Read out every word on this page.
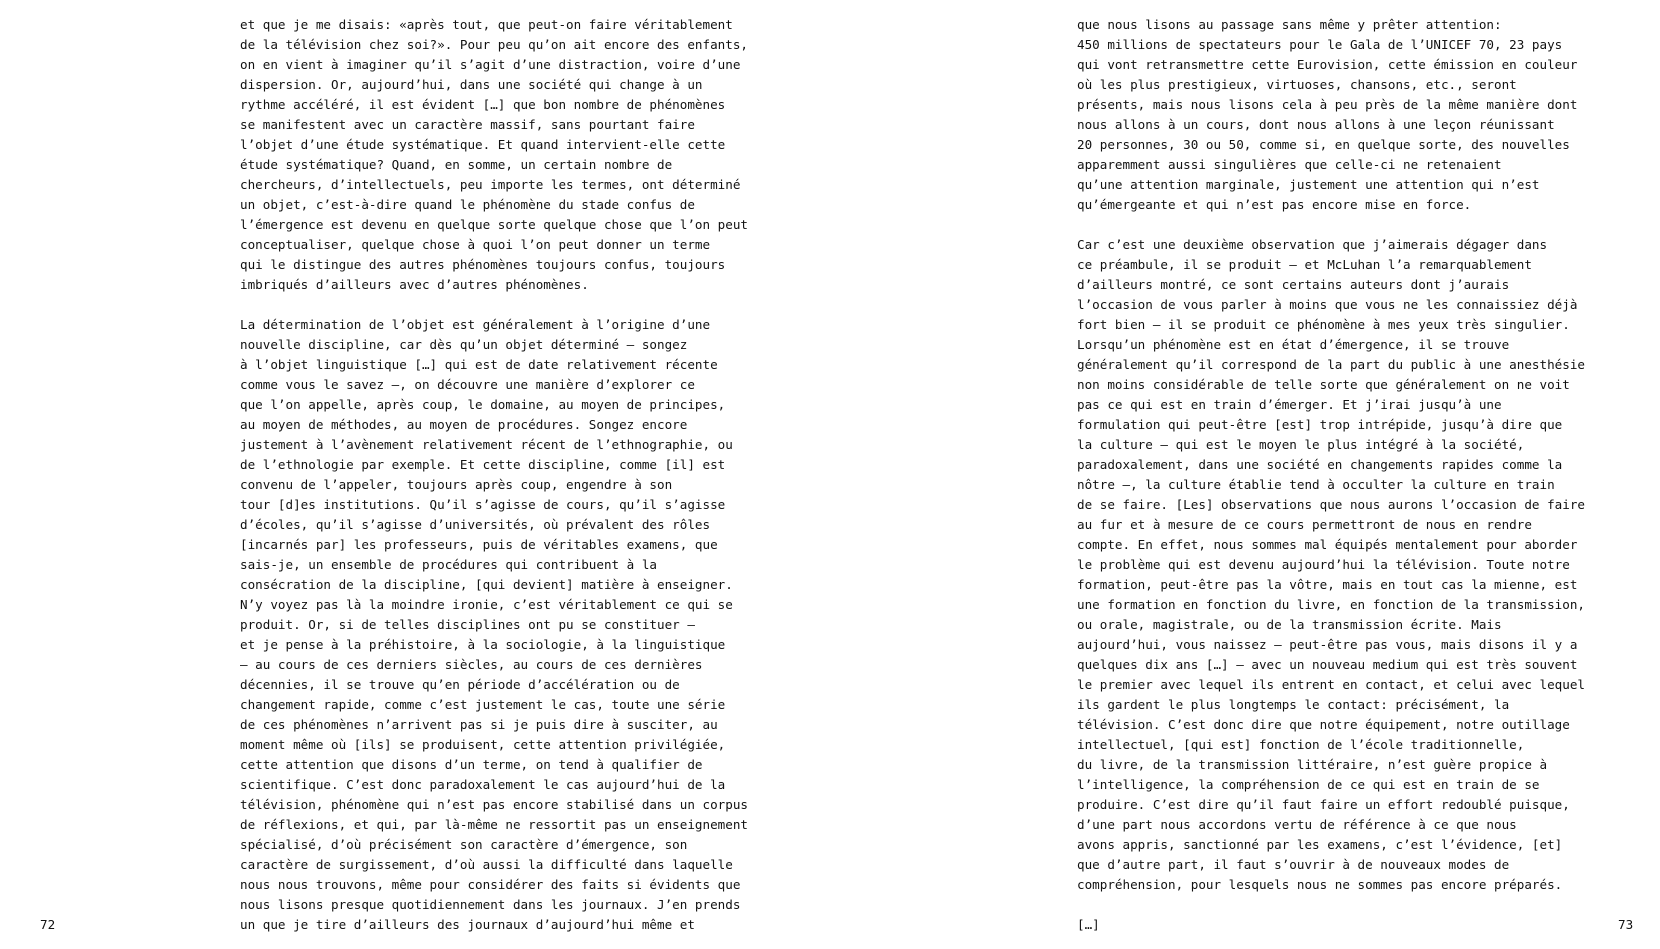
et que je me disais: «après tout, que peut-on faire véritablement
de la télévision chez soi?». Pour peu qu’on ait encore des enfants,
on en vient à imaginer qu’il s’agit d’une distraction, voire d’une
dispersion. Or, aujourd’hui, dans une société qui change à un
rythme accéléré, il est évident […] que bon nombre de phénomènes
se manifestent avec un caractère massif, sans pourtant faire
l’objet d’une étude systématique. Et quand intervient-elle cette
étude systématique? Quand, en somme, un certain nombre de
chercheurs, d’intellectuels, peu importe les termes, ont déterminé
un objet, c’est-à-dire quand le phénomène du stade confus de
l’émergence est devenu en quelque sorte quelque chose que l’on peut
conceptualiser, quelque chose à quoi l’on peut donner un terme
qui le distingue des autres phénomènes toujours confus, toujours
imbriqués d’ailleurs avec d’autres phénomènes.
La détermination de l’objet est généralement à l’origine d’une
nouvelle discipline, car dès qu’un objet déterminé — songez
à l’objet linguistique […] qui est de date relativement récente
comme vous le savez —, on découvre une manière d’explorer ce
que l’on appelle, après coup, le domaine, au moyen de principes,
au moyen de méthodes, au moyen de procédures. Songez encore
justement à l’avènement relativement récent de l’ethnographie, ou
de l’ethnologie par exemple. Et cette discipline, comme [il] est
convenu de l’appeler, toujours après coup, engendre à son
tour [d]es institutions. Qu’il s’agisse de cours, qu’il s’agisse
d’écoles, qu’il s’agisse d’universités, où prévalent des rôles
[incarnés par] les professeurs, puis de véritables examens, que
sais-je, un ensemble de procédures qui contribuent à la
consécration de la discipline, [qui devient] matière à enseigner.
N’y voyez pas là la moindre ironie, c’est véritablement ce qui se
produit. Or, si de telles disciplines ont pu se constituer —
et je pense à la préhistoire, à la sociologie, à la linguistique
— au cours de ces derniers siècles, au cours de ces dernières
décennies, il se trouve qu’en période d’accélération ou de
changement rapide, comme c’est justement le cas, toute une série
de ces phénomènes n’arrivent pas si je puis dire à susciter, au
moment même où [ils] se produisent, cette attention privilégiée,
cette attention que disons d’un terme, on tend à qualifier de
scientifique. C’est donc paradoxalement le cas aujourd’hui de la
télévision, phénomène qui n’est pas encore stabilisé dans un corpus
de réflexions, et qui, par là-même ne ressortit pas un enseignement
spécialisé, d’où précisément son caractère d’émergence, son
caractère de surgissement, d’où aussi la difficulté dans laquelle
nous nous trouvons, même pour considérer des faits si évidents que
nous lisons presque quotidiennement dans les journaux. J’en prends
un que je tire d’ailleurs des journaux d’aujourd’hui même et
72
que nous lisons au passage sans même y prêter attention:
450 millions de spectateurs pour le Gala de l’UNICEF 70, 23 pays
qui vont retransmettre cette Eurovision, cette émission en couleur
où les plus prestigieux, virtuoses, chansons, etc., seront
présents, mais nous lisons cela à peu près de la même manière dont
nous allons à un cours, dont nous allons à une leçon réunissant
20 personnes, 30 ou 50, comme si, en quelque sorte, des nouvelles
apparemment aussi singulières que celle-ci ne retenaient
qu’une attention marginale, justement une attention qui n’est
qu’émergeante et qui n’est pas encore mise en force.
Car c’est une deuxième observation que j’aimerais dégager dans
ce préambule, il se produit — et McLuhan l’a remarquablement
d’ailleurs montré, ce sont certains auteurs dont j’aurais
l’occasion de vous parler à moins que vous ne les connaissiez déjà
fort bien — il se produit ce phénomène à mes yeux très singulier.
Lorsqu’un phénomène est en état d’émergence, il se trouve
généralement qu’il correspond de la part du public à une anesthésie
non moins considérable de telle sorte que généralement on ne voit
pas ce qui est en train d’émerger. Et j’irai jusqu’à une
formulation qui peut-être [est] trop intrépide, jusqu’à dire que
la culture — qui est le moyen le plus intégré à la société,
paradoxalement, dans une société en changements rapides comme la
nôtre —, la culture établie tend à occulter la culture en train
de se faire. [Les] observations que nous aurons l’occasion de faire
au fur et à mesure de ce cours permettront de nous en rendre
compte. En effet, nous sommes mal équipés mentalement pour aborder
le problème qui est devenu aujourd’hui la télévision. Toute notre
formation, peut-être pas la vôtre, mais en tout cas la mienne, est
une formation en fonction du livre, en fonction de la transmission,
ou orale, magistrale, ou de la transmission écrite. Mais
aujourd’hui, vous naissez — peut-être pas vous, mais disons il y a
quelques dix ans […] — avec un nouveau medium qui est très souvent
le premier avec lequel ils entrent en contact, et celui avec lequel
ils gardent le plus longtemps le contact: précisément, la
télévision. C’est donc dire que notre équipement, notre outillage
intellectuel, [qui est] fonction de l’école traditionnelle,
du livre, de la transmission littéraire, n’est guère propice à
l’intelligence, la compréhension de ce qui est en train de se
produire. C’est dire qu’il faut faire un effort redoublé puisque,
d’une part nous accordons vertu de référence à ce que nous
avons appris, sanctionné par les examens, c’est l’évidence, [et]
que d’autre part, il faut s’ouvrir à de nouveaux modes de
compréhension, pour lesquels nous ne sommes pas encore préparés.
[…]	73
